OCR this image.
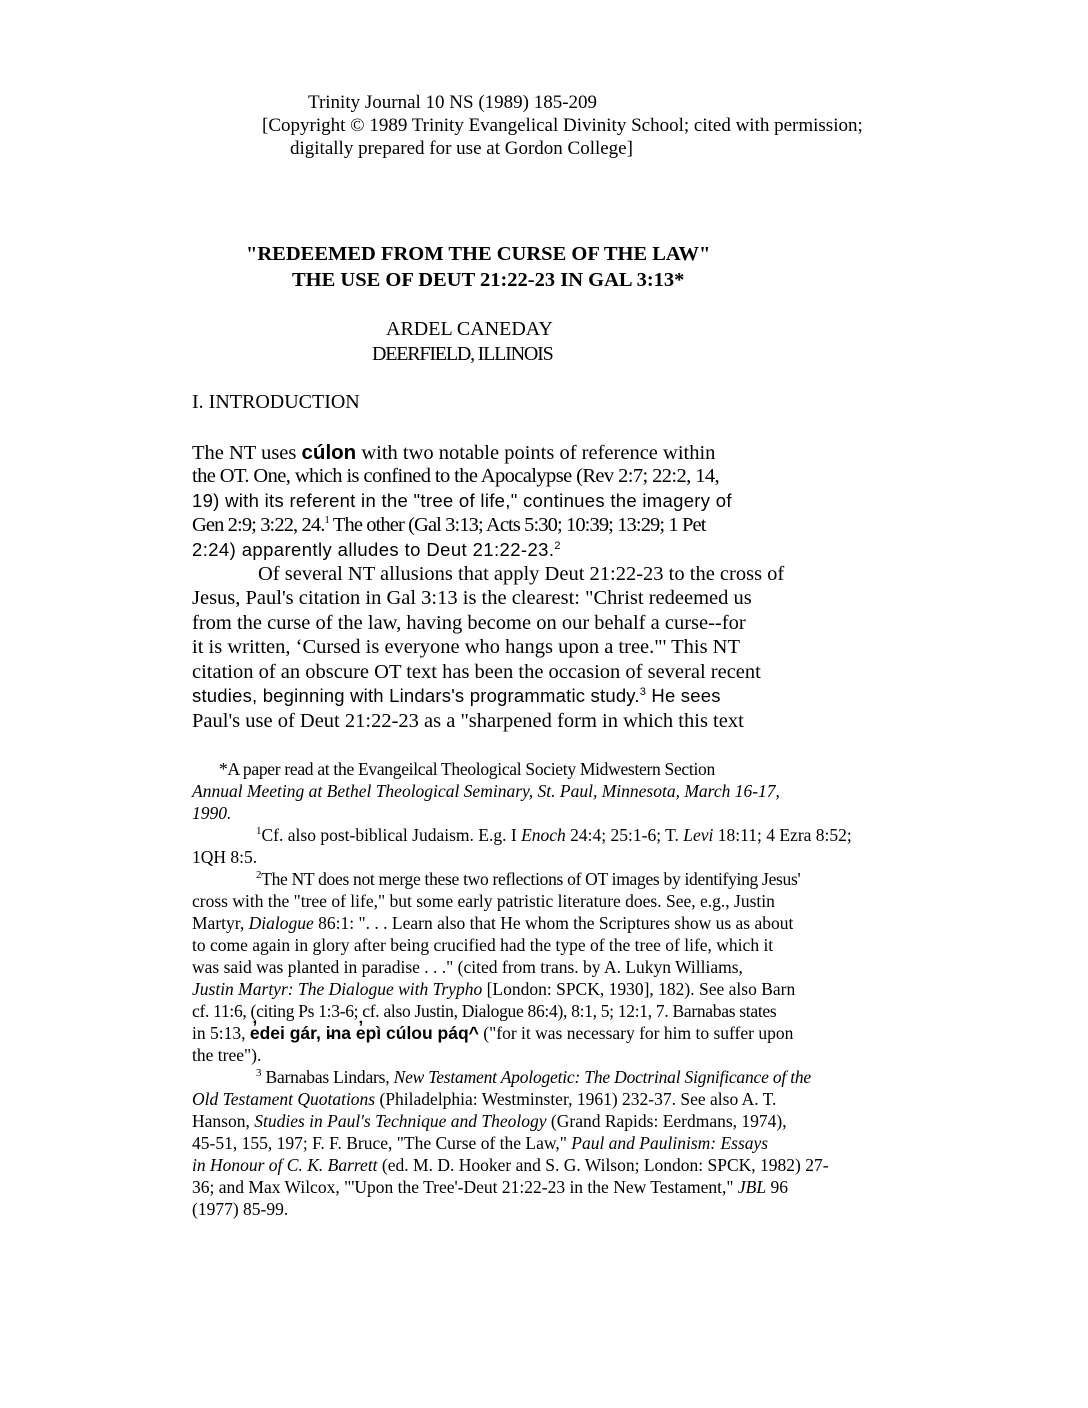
Trinity Journal 10 NS (1989) 185-209
[Copyright © 1989 Trinity Evangelical Divinity School; cited with permission;
digitally prepared for use at Gordon College]
"REDEEMED FROM THE CURSE OF THE LAW"
THE USE OF DEUT 21:22-23 IN GAL 3:13*
ARDEL CANEDAY
DEERFIELD, ILLINOIS
I. INTRODUCTION
The NT uses cúlon with two notable points of reference within
the OT. One, which is confined to the Apocalypse (Rev 2:7; 22:2, 14,
19) with its referent in the "tree of life," continues the imagery of
Gen 2:9; 3:22, 24.$^1$ The other (Gal 3:13; Acts 5:30; 10:39; 13:29; 1 Pet
2:24) apparently alludes to Deut 21:22-23.$^2$
Of several NT allusions that apply Deut 21:22-23 to the cross of
Jesus, Paul's citation in Gal 3:13 is the clearest: "Christ redeemed us
from the curse of the law, having become on our behalf a curse--for
it is written, ‘Cursed is everyone who hangs upon a tree."' This NT
citation of an obscure OT text has been the occasion of several recent
studies, beginning with Lindars's programmatic study.$^3$ He sees
Paul's use of Deut 21:22-23 as a "sharpened form in which this text
*A paper read at the Evangeilcal Theological Society Midwestern Section
Annual Meeting at Bethel Theological Seminary, St. Paul, Minnesota, March 16-17,
1990.
$^1$Cf. also post-biblical Judaism. E.g. I Enoch 24:4; 25:1-6; T. Levi 18:11; 4 Ezra 8:52;
1QH 8:5.
$^2$The NT does not merge these two reflections of OT images by identifying Jesus'
cross with the "tree of life," but some early patristic literature does. See, e.g., Justin
Martyr, Dialogue 86:1: ". . . Learn also that He whom the Scriptures show us as about
to come again in glory after being crucified had the type of the tree of life, which it
was said was planted in paradise . . ." (cited from trans. by A. Lukyn Williams,
Justin Martyr: The Dialogue with Trypho [London: SPCK, 1930], 182). See also Barn
cf. 11:6, (citing Ps 1:3-6; cf. also Justin, Dialogue 86:4), 8:1, 5; 12:1, 7. Barnabas states
in 5:13, e̓dei gár, i̵na e̓pì cúlou páq^ ("for it was necessary for him to suffer upon
the tree").
$^3$ Barnabas Lindars, New Testament Apologetic: The Doctrinal Significance of the
Old Testament Quotations (Philadelphia: Westminster, 1961) 232-37. See also A. T.
Hanson, Studies in Paul's Technique and Theology (Grand Rapids: Eerdmans, 1974),
45-51, 155, 197; F. F. Bruce, "The Curse of the Law," Paul and Paulinism: Essays
in Honour of C. K. Barrett (ed. M. D. Hooker and S. G. Wilson; London: SPCK, 1982) 27-
36; and Max Wilcox, "'Upon the Tree'-Deut 21:22-23 in the New Testament," JBL 96
(1977) 85-99.
